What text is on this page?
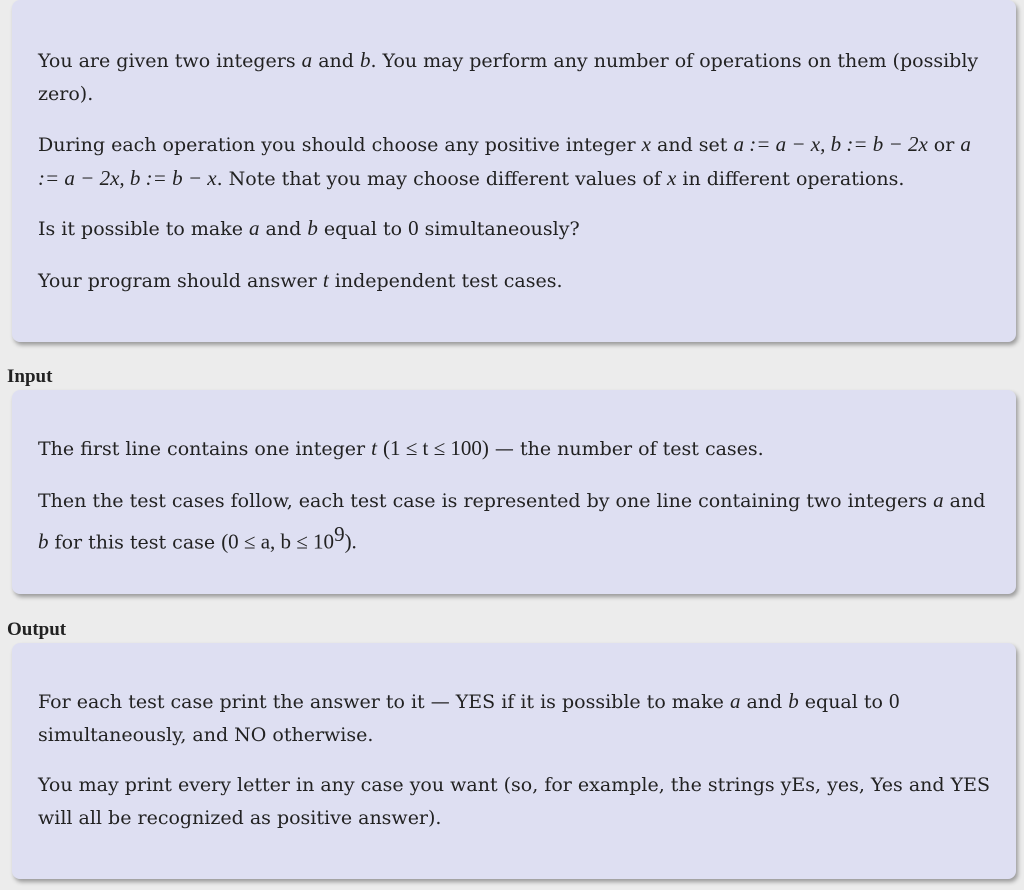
You are given two integers a and b. You may perform any number of operations on them (possibly zero).

During each operation you should choose any positive integer x and set a := a − x, b := b − 2x or a := a − 2x, b := b − x. Note that you may choose different values of x in different operations.

Is it possible to make a and b equal to 0 simultaneously?

Your program should answer t independent test cases.

Input

The first line contains one integer t (1 ≤ t ≤ 100) — the number of test cases.

Then the test cases follow, each test case is represented by one line containing two integers a and b for this test case (0 ≤ a, $b \le 10^9$).

Output

For each test case print the answer to it — YES if it is possible to make a and b equal to 0 simultaneously, and NO otherwise.

You may print every letter in any case you want (so, for example, the strings yEs, yes, Yes and YES will all be recognized as positive answer).
